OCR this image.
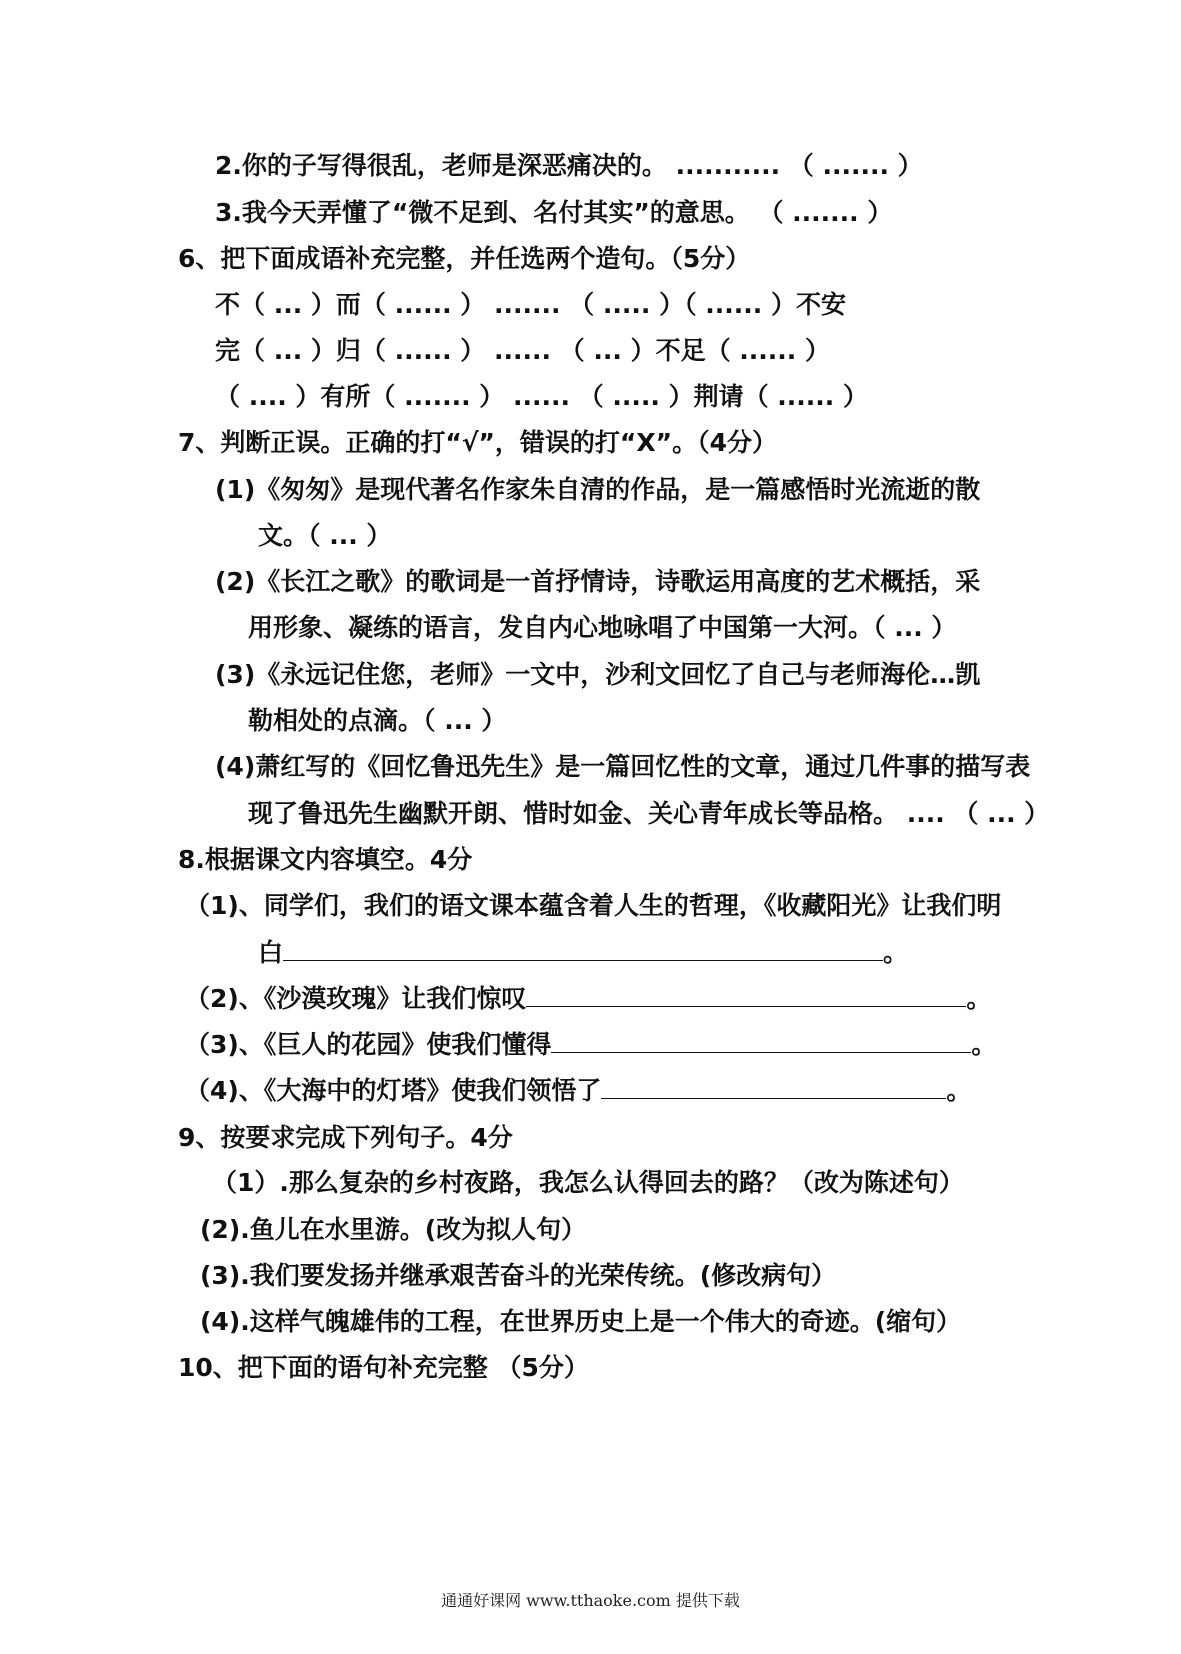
2.你的子写得很乱，老师是深恶痛决的。 ........... （ ....... ）
3.我今天弄懂了“微不足到、名付其实”的意思。 （ ....... ）
6、把下面成语补充完整，并任选两个造句。（5分）
不（ ... ）而（ ...... ） ....... （ ..... ）（ ...... ）不安
完（ ... ）归（ ...... ） ...... （ ... ）不足（ ...... ）
（ .... ）有所（ ....... ） ...... （ ..... ）荆请（ ...... ）
7、判断正误。正确的打“√”，错误的打“X”。（4分）
(1)《匆匆》是现代著名作家朱自清的作品，是一篇感悟时光流逝的散
文。（ ... ）
(2)《长江之歌》的歌词是一首抒情诗，诗歌运用高度的艺术概括，采
用形象、凝练的语言，发自内心地咏唱了中国第一大河。（ ... ）
(3)《永远记住您，老师》一文中，沙利文回忆了自己与老师海伦…凯
勒相处的点滴。（ ... ）
(4)萧红写的《回忆鲁迅先生》是一篇回忆性的文章，通过几件事的描写表
现了鲁迅先生幽默开朗、惜时如金、关心青年成长等品格。 .... （ ... ）
8.根据课文内容填空。4分
（1)、同学们，我们的语文课本蕴含着人生的哲理，《收藏阳光》让我们明
白	。
（2)、《沙漠玫瑰》让我们惊叹	。
（3)、《巨人的花园》使我们懂得	。
（4)、《大海中的灯塔》使我们领悟了	。
9、按要求完成下列句子。4分
（1）.那么复杂的乡村夜路，我怎么认得回去的路？（改为陈述句）
(2).鱼儿在水里游。(改为拟人句）
(3).我们要发扬并继承艰苦奋斗的光荣传统。(修改病句）
(4).这样气魄雄伟的工程，在世界历史上是一个伟大的奇迹。(缩句）
10、把下面的语句补充完整 （5分）
通通好课网 www.tthaoke.com 提供下载
